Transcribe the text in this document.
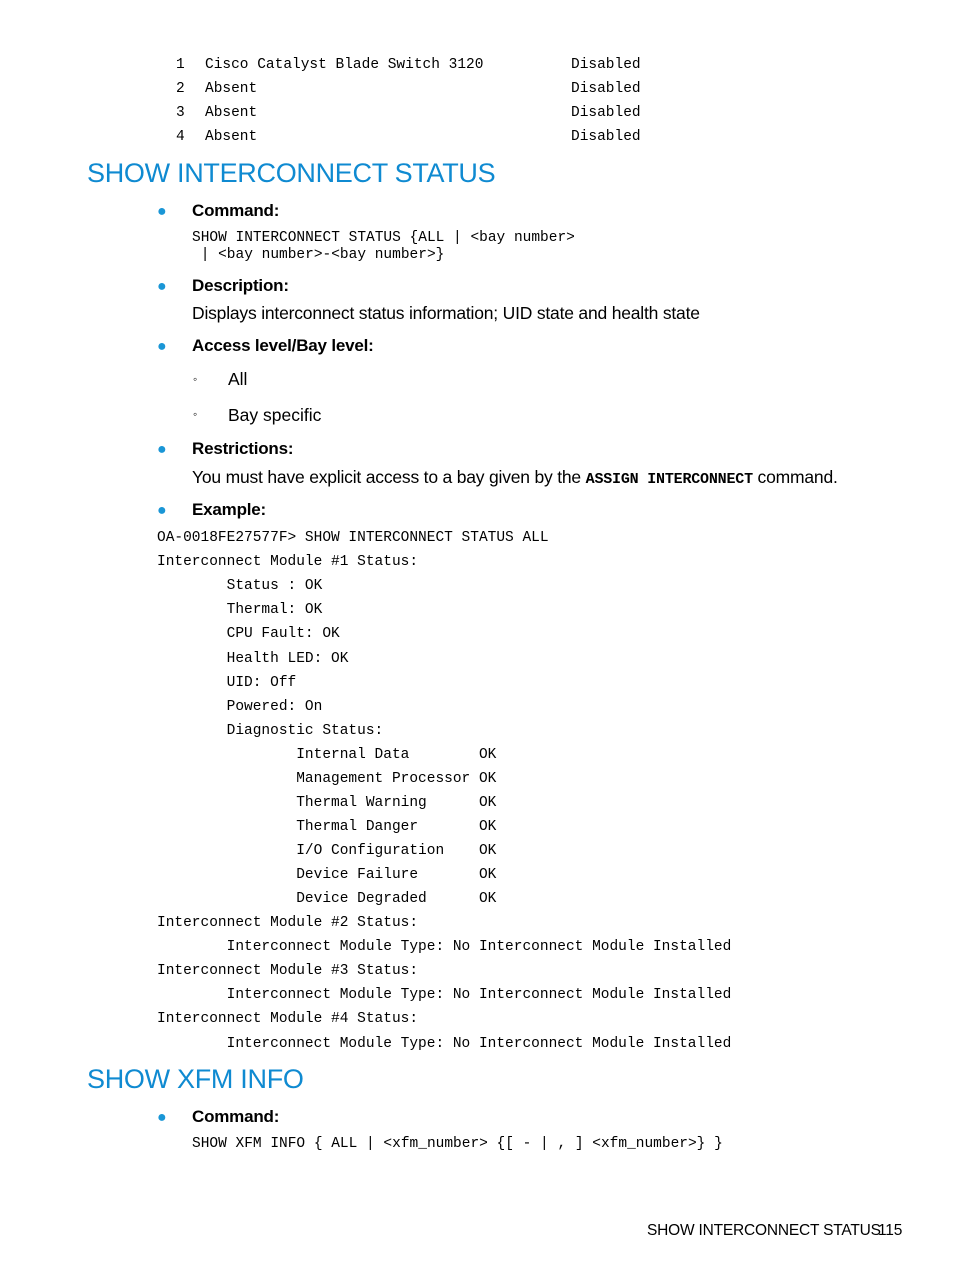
1 Cisco Catalyst Blade Switch 3120	Disabled
2 Absent	Disabled
3 Absent	Disabled
4 Absent	Disabled
SHOW INTERCONNECT STATUS
● Command:
SHOW INTERCONNECT STATUS {ALL | <bay number>
| <bay number>-<bay number>}
● Description:
Displays interconnect status information; UID state and health state
● Access level/Bay level:
◦ All
◦ Bay specific
● Restrictions:
You must have explicit access to a bay given by the ASSIGN INTERCONNECT command.
● Example:
OA-0018FE27577F> SHOW INTERCONNECT STATUS ALL
Interconnect Module #1 Status:
Status : OK
Thermal: OK
CPU Fault: OK
Health LED: OK
UID: Off
Powered: On
Diagnostic Status:
Internal Data        OK
Management Processor OK
Thermal Warning      OK
Thermal Danger       OK
I/O Configuration    OK
Device Failure       OK
Device Degraded      OK
Interconnect Module #2 Status:
Interconnect Module Type: No Interconnect Module Installed
Interconnect Module #3 Status:
Interconnect Module Type: No Interconnect Module Installed
Interconnect Module #4 Status:
Interconnect Module Type: No Interconnect Module Installed
SHOW XFM INFO
● Command:
SHOW XFM INFO { ALL | <xfm_number> {[ - | , ] <xfm_number>} }
SHOW INTERCONNECT STATUS
115
